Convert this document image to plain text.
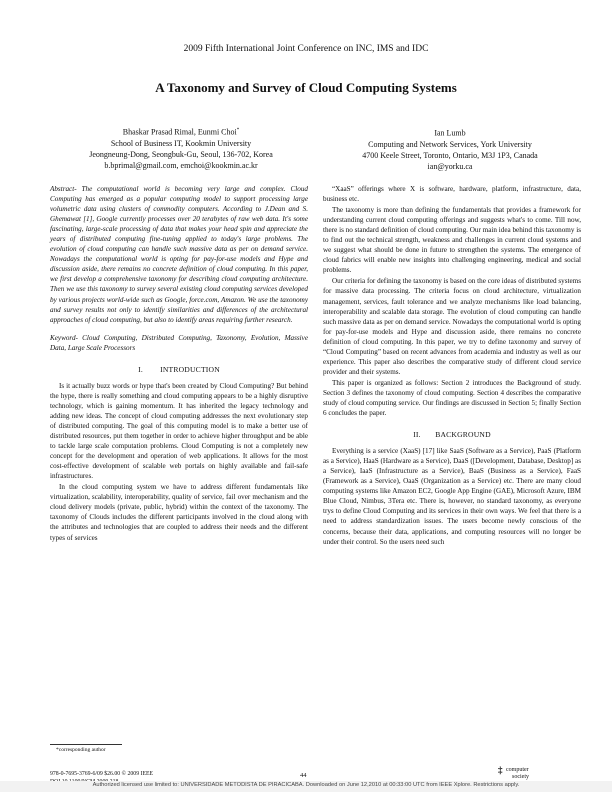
2009 Fifth International Joint Conference on INC, IMS and IDC
A Taxonomy and Survey of Cloud Computing Systems
Bhaskar Prasad Rimal, Eunmi Choi*
School of Business IT, Kookmin University
Jeongneung-Dong, Seongbuk-Gu, Seoul, 136-702, Korea
b.bprimal@gmail.com, emchoi@kookmin.ac.kr
Ian Lumb
Computing and Network Services, York University
4700 Keele Street, Toronto, Ontario, M3J 1P3, Canada
ian@yorku.ca

Abstract- The computational world is becoming very large and complex. Cloud Computing has emerged as a popular computing model to support processing large volumetric data using clusters of commodity computers. According to J.Dean and S. Ghemawat [1], Google currently processes over 20 terabytes of raw web data. It's some fascinating, large-scale processing of data that makes your head spin and appreciate the years of distributed computing fine-tuning applied to today's large problems. The evolution of cloud computing can handle such massive data as per on demand service. Nowadays the computational world is opting for pay-for-use models and Hype and discussion aside, there remains no concrete definition of cloud computing. In this paper, we first develop a comprehensive taxonomy for describing cloud computing architecture. Then we use this taxonomy to survey several existing cloud computing services developed by various projects world-wide such as Google, force.com, Amazon. We use the taxonomy and survey results not only to identify similarities and differences of the architectural approaches of cloud computing, but also to identify areas requiring further research.

Keyword- Cloud Computing, Distributed Computing, Taxonomy, Evolution, Massive Data, Large Scale Processors

I. INTRODUCTION

Is it actually buzz words or hype that's been created by Cloud Computing? But behind the hype, there is really something and cloud computing appears to be a highly disruptive technology, which is gaining momentum. It has inherited the legacy technology and adding new ideas. The concept of cloud computing addresses the next evolutionary step of distributed computing. The goal of this computing model is to make a better use of distributed resources, put them together in order to achieve higher throughput and be able to tackle large scale computation problems. Cloud Computing is not a completely new concept for the development and operation of web applications. It allows for the most cost-effective development of scalable web portals on highly available and fail-safe infrastructures.

In the cloud computing system we have to address different fundamentals like virtualization, scalability, interoperability, quality of service, fail over mechanism and the cloud delivery models (private, public, hybrid) within the context of the taxonomy. The taxonomy of Clouds includes the different participants involved in the cloud along with the attributes and technologies that are coupled to address their needs and the different types of services

“XaaS” offerings where X is software, hardware, platform, infrastructure, data, business etc.

The taxonomy is more than defining the fundamentals that provides a framework for understanding current cloud computing offerings and suggests what's to come. Till now, there is no standard definition of cloud computing. Our main idea behind this taxonomy is to find out the technical strength, weakness and challenges in current cloud systems and we suggest what should be done in future to strengthen the systems. The emergence of cloud fabrics will enable new insights into challenging engineering, medical and social problems.

Our criteria for defining the taxonomy is based on the core ideas of distributed systems for massive data processing. The criteria focus on cloud architecture, virtualization management, services, fault tolerance and we analyze mechanisms like load balancing, interoperability and scalable data storage. The evolution of cloud computing can handle such massive data as per on demand service. Nowadays the computational world is opting for pay-for-use models and Hype and discussion aside, there remains no concrete definition of cloud computing. In this paper, we try to define taxonomy and survey of “Cloud Computing” based on recent advances from academia and industry as well as our experience. This paper also describes the comparative study of different cloud service provider and their systems.

This paper is organized as follows: Section 2 introduces the Background of study. Section 3 defines the taxonomy of cloud computing. Section 4 describes the comparative study of cloud computing service. Our findings are discussed in Section 5; finally Section 6 concludes the paper.

II. BACKGROUND

Everything is a service (XaaS) [17] like SaaS (Software as a Service), PaaS (Platform as a Service), HaaS (Hardware as a Service), DaaS ([Development, Database, Desktop] as a Service), IaaS (Infrastructure as a Service), BaaS (Business as a Service), FaaS (Framework as a Service), OaaS (Organization as a Service) etc. There are many cloud computing systems like Amazon EC2, Google App Engine (GAE), Microsoft Azure, IBM Blue Cloud, Nimbus, 3Tera etc. There is, however, no standard taxonomy, as everyone trys to define Cloud Computing and its services in their own ways. We feel that there is a need to address standardization issues. The users become newly conscious of the concerns, because their data, applications, and computing resources will no longer be under their control. So the users need such

*corresponding author
978-0-7695-3769-6/09 $26.00 © 2009 IEEE	44
‡ computer
society
Authorized licensed use limited to: UNIVERSIDADE METODISTA DE PIRACICABA. Downloaded on June 12,2010 at 00:33:00 UTC from IEEE Xplore. Restrictions apply.
